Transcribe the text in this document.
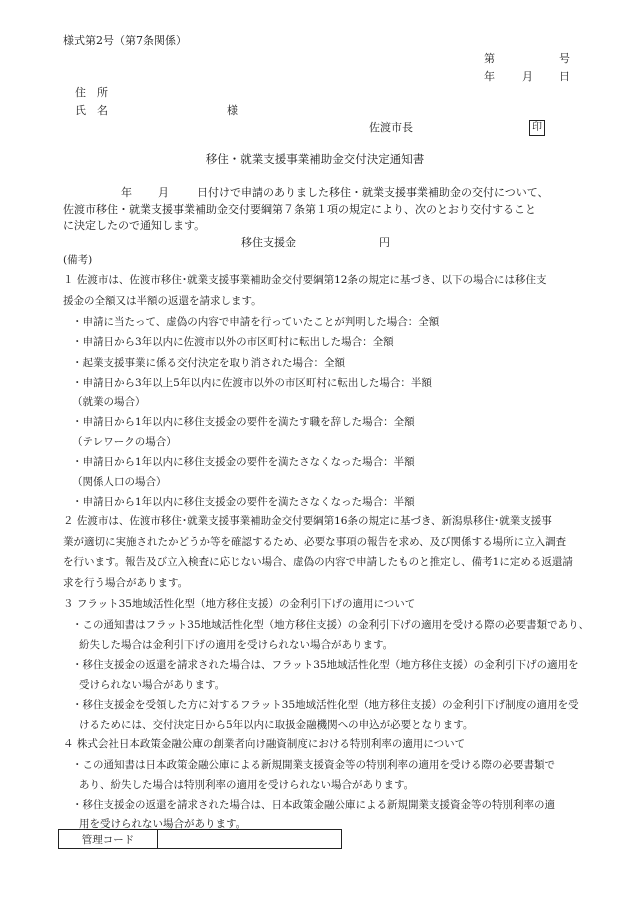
様式第2号（第7条関係）
第	号
年 月 日
住　所
氏　名	様
佐渡市長	印
移住・就業支援事業補助金交付決定通知書
年 月	日付けで申請のありました移住・就業支援事業補助金の交付について、
佐渡市移住・就業支援事業補助金交付要綱第７条第１項の規定により、次のとおり交付すること
に決定したので通知します。
移住支援金	円
(備考)
１ 佐渡市は、佐渡市移住･就業支援事業補助金交付要綱第12条の規定に基づき、以下の場合には移住支
援金の全額又は半額の返還を請求します。
・申請に当たって、虚偽の内容で申請を行っていたことが判明した場合：全額
・申請日から3年以内に佐渡市以外の市区町村に転出した場合：全額
・起業支援事業に係る交付決定を取り消された場合：全額
・申請日から3年以上5年以内に佐渡市以外の市区町村に転出した場合：半額
（就業の場合）
・申請日から1年以内に移住支援金の要件を満たす職を辞した場合：全額
（テレワークの場合）
・申請日から1年以内に移住支援金の要件を満たさなくなった場合：半額
（関係人口の場合）
・申請日から1年以内に移住支援金の要件を満たさなくなった場合：半額
２ 佐渡市は、佐渡市移住･就業支援事業補助金交付要綱第16条の規定に基づき、新潟県移住･就業支援事
業が適切に実施されたかどうか等を確認するため、必要な事項の報告を求め、及び関係する場所に立入調査
を行います。報告及び立入検査に応じない場合、虚偽の内容で申請したものと推定し、備考1に定める返還請
求を行う場合があります。
３ フラット35地域活性化型（地方移住支援）の金利引下げの適用について
・この通知書はフラット35地域活性化型（地方移住支援）の金利引下げの適用を受ける際の必要書類であり、
紛失した場合は金利引下げの適用を受けられない場合があります。
・移住支援金の返還を請求された場合は、フラット35地域活性化型（地方移住支援）の金利引下げの適用を
受けられない場合があります。
・移住支援金を受領した方に対するフラット35地域活性化型（地方移住支援）の金利引下げ制度の適用を受
けるためには、交付決定日から5年以内に取扱金融機関への申込が必要となります。
４ 株式会社日本政策金融公庫の創業者向け融資制度における特別利率の適用について
・この通知書は日本政策金融公庫による新規開業支援資金等の特別利率の適用を受ける際の必要書類で
あり、紛失した場合は特別利率の適用を受けられない場合があります。
・移住支援金の返還を請求された場合は、日本政策金融公庫による新規開業支援資金等の特別利率の適
用を受けられない場合があります。
管理コード	
